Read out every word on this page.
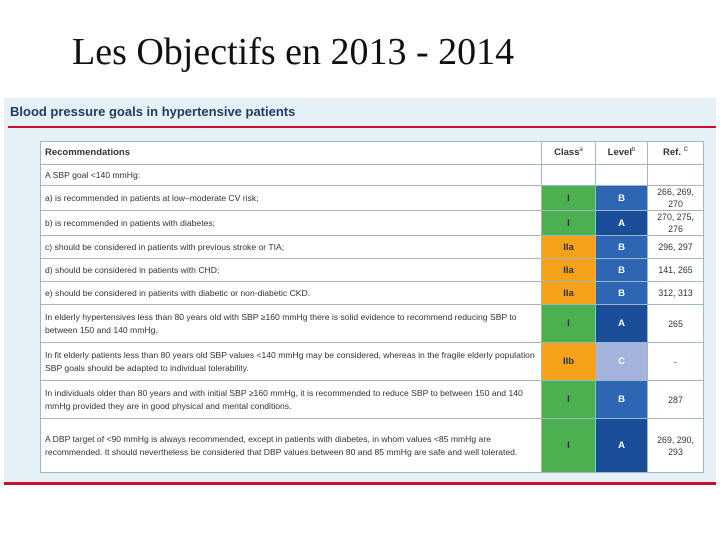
Les Objectifs en 2013 - 2014
Blood pressure goals in hypertensive patients
Recommendations	Class$^a$	Level$^b$	Ref. $^C$
A SBP goal <140 mmHg:			
a) is recommended in patients at low–moderate CV risk;	I	B	266, 269, 270
b) is recommended in patients with diabetes;	I	A	270, 275, 276
c) should be considered in patients with previous stroke or TIA;	IIa	B	296, 297
d) should be considered in patients with CHD;	IIa	B	141, 265
e) should be considered in patients with diabetic or non-diabetic CKD.	IIa	B	312, 313
In elderly hypertensives less than 80 years old with SBP ≥160 mmHg there is solid evidence to recommend reducing SBP to between 150 and 140 mmHg.	I	A	265
In fit elderly patients less than 80 years old SBP values <140 mmHg may be considered, whereas in the fragile elderly population SBP goals should be adapted to individual tolerability.	IIb	C	-
In individuals older than 80 years and with initial SBP ≥160 mmHg, it is recommended to reduce SBP to between 150 and 140 mmHg provided they are in good physical and mental conditions.	I	B	287
A DBP target of <90 mmHg is always recommended, except in patients with diabetes, in whom values <85 mmHg are recommended. It should nevertheless be considered that DBP values between 80 and 85 mmHg are safe and well tolerated.	I	A	269, 290, 293
